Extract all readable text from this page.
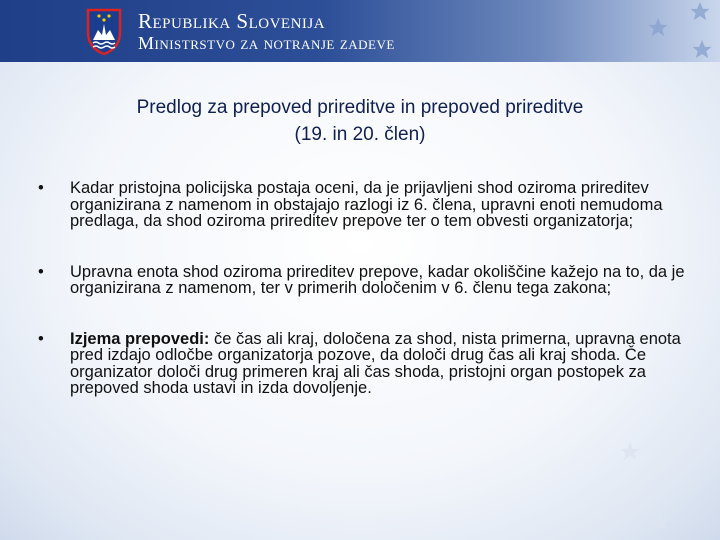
Republika Slovenija
Ministrstvo za notranje zadeve
Predlog za prepoved prireditve in prepoved prireditve
(19. in 20. člen)
• Kadar pristojna policijska postaja oceni, da je prijavljeni shod oziroma prireditev organizirana z namenom in obstajajo razlogi iz 6. člena, upravni enoti nemudoma predlaga, da shod oziroma prireditev prepove ter o tem obvesti organizatorja;
• Upravna enota shod oziroma prireditev prepove, kadar okoliščine kažejo na to, da je organizirana z namenom, ter v primerih določenim v 6. členu tega zakona;
• Izjema prepovedi: če čas ali kraj, določena za shod, nista primerna, upravna enota pred izdajo odločbe organizatorja pozove, da določi drug čas ali kraj shoda. Če organizator določi drug primeren kraj ali čas shoda, pristojni organ postopek za prepoved shoda ustavi in izda dovoljenje.
